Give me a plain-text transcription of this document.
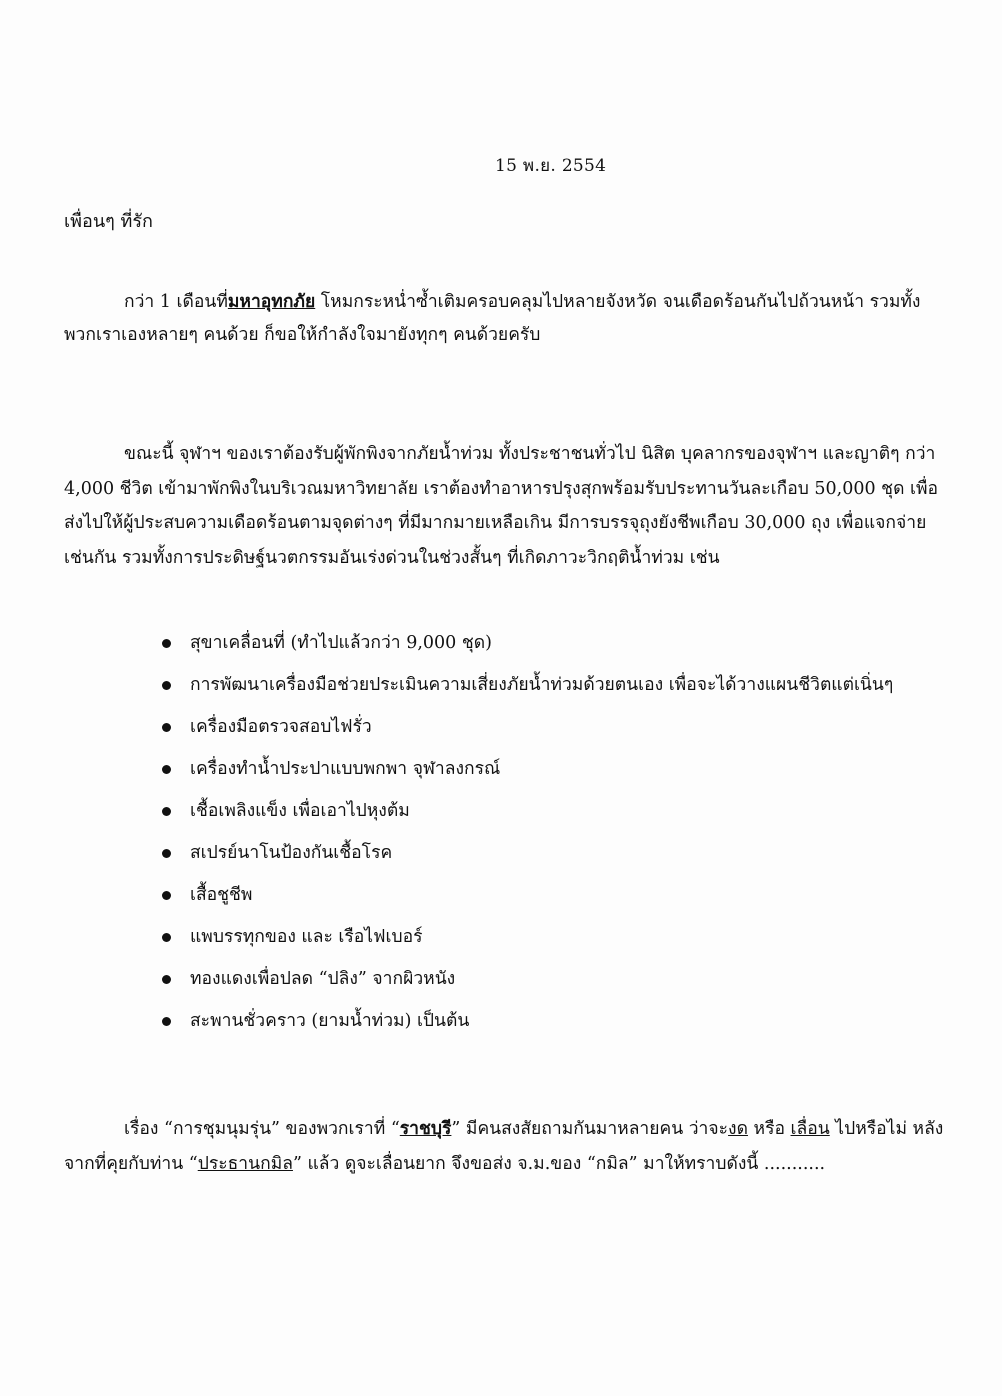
15 พ.ย. 2554
เพื่อนๆ ที่รัก

กว่า 1 เดือนที่มหาอุทกภัย โหมกระหน่ำซ้ำเติมครอบคลุมไปหลายจังหวัด จนเดือดร้อนกันไปถ้วนหน้า รวมทั้งพวกเราเองหลายๆ คนด้วย ก็ขอให้กำลังใจมายังทุกๆ คนด้วยครับ

ขณะนี้ จุฬาฯ ของเราต้องรับผู้พักพิงจากภัยน้ำท่วม ทั้งประชาชนทั่วไป นิสิต บุคลากรของจุฬาฯ และญาติๆ กว่า 4,000 ชีวิต เข้ามาพักพิงในบริเวณมหาวิทยาลัย เราต้องทำอาหารปรุงสุกพร้อมรับประทานวันละเกือบ 50,000 ชุด เพื่อส่งไปให้ผู้ประสบความเดือดร้อนตามจุดต่างๆ ที่มีมากมายเหลือเกิน มีการบรรจุถุงยังชีพเกือบ 30,000 ถุง เพื่อแจกจ่ายเช่นกัน รวมทั้งการประดิษฐ์นวตกรรมอันเร่งด่วนในช่วงสั้นๆ ที่เกิดภาวะวิกฤติน้ำท่วม เช่น

สุขาเคลื่อนที่ (ทำไปแล้วกว่า 9,000 ชุด)
การพัฒนาเครื่องมือช่วยประเมินความเสี่ยงภัยน้ำท่วมด้วยตนเอง เพื่อจะได้วางแผนชีวิตแต่เนิ่นๆ
เครื่องมือตรวจสอบไฟรั่ว
เครื่องทำน้ำประปาแบบพกพา จุฬาลงกรณ์
เชื้อเพลิงแข็ง เพื่อเอาไปหุงต้ม
สเปรย์นาโนป้องกันเชื้อโรค
เสื้อชูชีพ
แพบรรทุกของ และ เรือไฟเบอร์
ทองแดงเพื่อปลด “ปลิง” จากผิวหนัง
สะพานชั่วคราว (ยามน้ำท่วม) เป็นต้น

เรื่อง “การชุมนุมรุ่น” ของพวกเราที่ “ราชบุรี” มีคนสงสัยถามกันมาหลายคน ว่าจะงด หรือ เลื่อน ไปหรือไม่ หลังจากที่คุยกับท่าน “ประธานกมิล” แล้ว ดูจะเลื่อนยาก จึงขอส่ง จ.ม.ของ “กมิล” มาให้ทราบดังนี้ ...........
